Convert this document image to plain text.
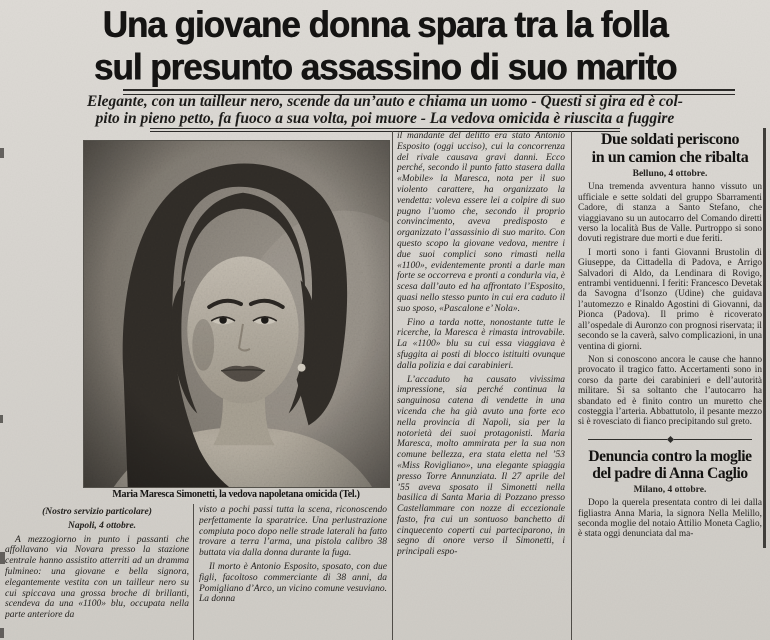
Una giovane donna spara tra la folla
sul presunto assassino di suo marito
Elegante, con un tailleur nero, scende da un’auto e chiama un uomo - Questi si gira ed è col-
pito in pieno petto, fa fuoco a sua volta, poi muore - La vedova omicida è riuscita a fuggire
Maria Maresca Simonetti, la vedova napoletana omicida (Tel.)

(Nostro servizio particolare)

Napoli, 4 ottobre.

A mezzogiorno in punto i passanti che affollavano via Novara presso la stazione centrale hanno assistito atterriti ad un dramma fulmineo: una giovane e bella signora, elegantemente vestita con un tailleur nero su cui spiccava una grossa broche di brillanti, scendeva da una «1100» blu, occupata nella parte anteriore da

visto a pochi passi tutta la scena, riconoscendo perfettamente la sparatrice. Una perlustrazione compiuta poco dopo nelle strade laterali ha fatto trovare a terra l’arma, una pistola calibro 38 buttata via dalla donna durante la fuga.

Il morto è Antonio Esposito, sposato, con due figli, facoltoso commerciante di 38 anni, da Pomigliano d’Arco, un vicino comune vesuviano. La donna

il mandante del delitto era stato Antonio Esposito (oggi ucciso), cui la concorrenza del rivale causava gravi danni. Ecco perché, secondo il punto fatto stasera dalla «Mobile» la Maresca, nota per il suo violento carattere, ha organizzato la vendetta: voleva essere lei a colpire di suo pugno l’uomo che, secondo il proprio convincimento, aveva predisposto e organizzato l’assassinio di suo marito. Con questo scopo la giovane vedova, mentre i due suoi complici sono rimasti nella «1100», evidentemente pronti a darle man forte se occorreva e pronti a condurla via, è scesa dall’auto ed ha affrontato l’Esposito, quasi nello stesso punto in cui era caduto il suo sposo, «Pascalone e’ Nola».

Fino a tarda notte, nonostante tutte le ricerche, la Maresca è rimasta introvabile. La «1100» blu su cui essa viaggiava è sfuggita ai posti di blocco istituiti ovunque dalla polizia e dai carabinieri.

L’accaduto ha causato vivissima impressione, sia perché continua la sanguinosa catena di vendette in una vicenda che ha già avuto una forte eco nella provincia di Napoli, sia per la notorietà dei suoi protagonisti. Maria Maresca, molto ammirata per la sua non comune bellezza, era stata eletta nel ’53 «Miss Rovigliano», una elegante spiaggia presso Torre Annunziata. Il 27 aprile del ’55 aveva sposato il Simonetti nella basilica di Santa Maria di Pozzano presso Castellammare con nozze di eccezionale fasto, fra cui un sontuoso banchetto di cinquecento coperti cui parteciparono, in segno di onore verso il Simonetti, i principali espo-

Due soldati periscono
in un camion che ribalta

Belluno, 4 ottobre.

Una tremenda avventura hanno vissuto un ufficiale e sette soldati del gruppo Sbarramenti Cadore, di stanza a Santo Stefano, che viaggiavano su un autocarro del Comando diretti verso la località Bus de Valle. Purtroppo si sono dovuti registrare due morti e due feriti.

I morti sono i fanti Giovanni Brustolin di Giuseppe, da Cittadella di Padova, e Arrigo Salvadori di Aldo, da Lendinara di Rovigo, entrambi ventiduenni. I feriti: Francesco Devetak da Savogna d’Isonzo (Udine) che guidava l’automezzo e Rinaldo Agostini di Giovanni, da Pionca (Padova). Il primo è ricoverato all’ospedale di Auronzo con prognosi riservata; il secondo se la caverà, salvo complicazioni, in una ventina di giorni.

Non si conoscono ancora le cause che hanno provocato il tragico fatto. Accertamenti sono in corso da parte dei carabinieri e dell’autorità militare. Si sa soltanto che l’autocarro ha sbandato ed è finito contro un muretto che costeggia l’arteria. Abbattutolo, il pesante mezzo si è rovesciato di fianco precipitando sul greto.

Denuncia contro la moglie
del padre di Anna Caglio

Milano, 4 ottobre.

Dopo la querela presentata contro di lei dalla figliastra Anna Maria, la signora Nella Melillo, seconda moglie del notaio Attilio Moneta Caglio, è stata oggi denunciata dal ma-
